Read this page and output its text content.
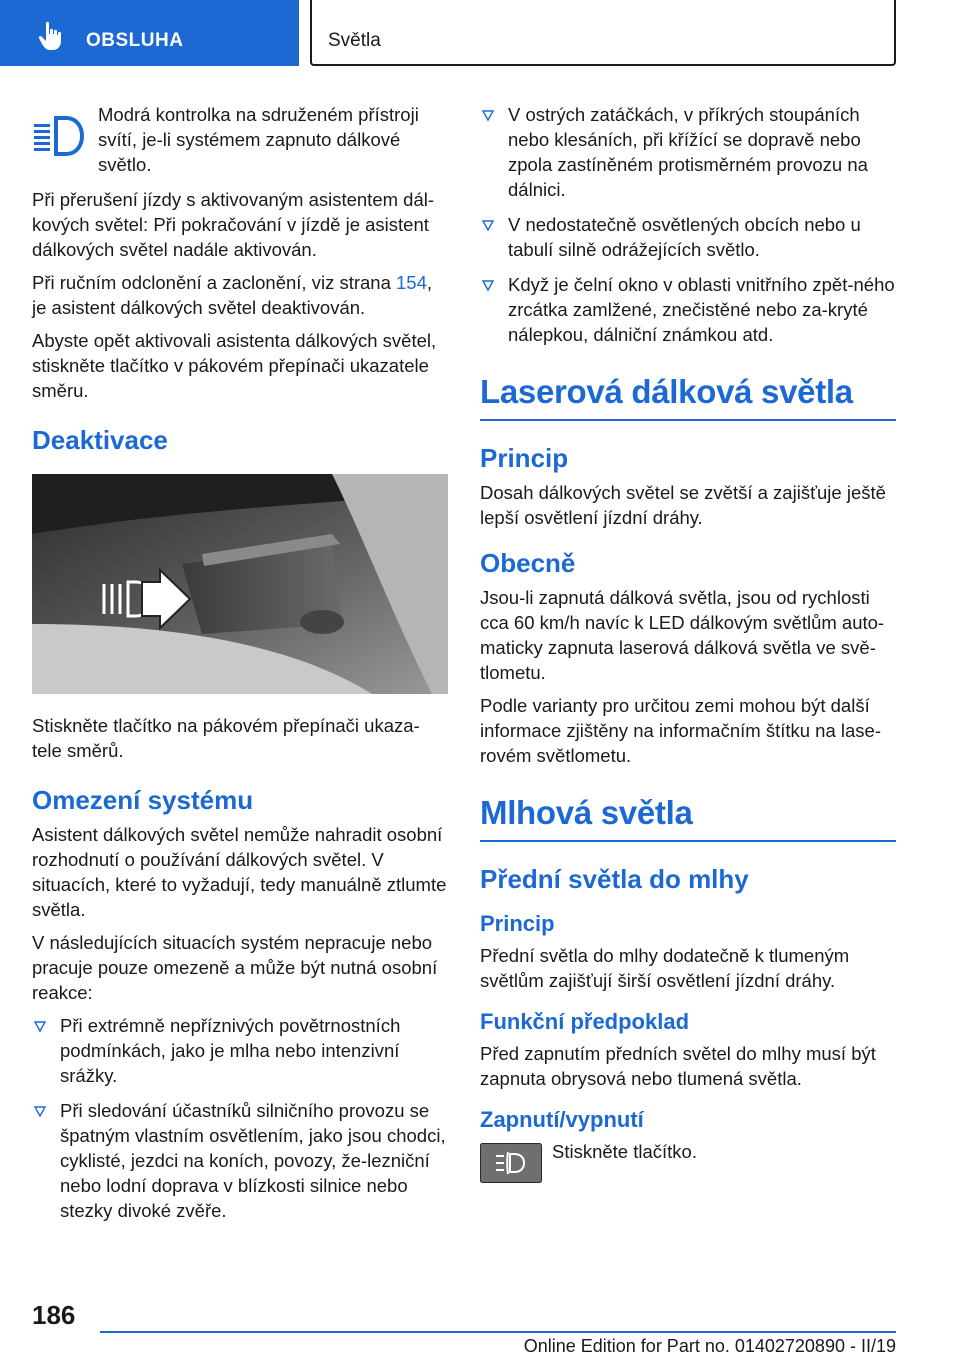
OBSLUHA	Světla

Modrá kontrolka na sdruženém přístroji svítí, je-li systémem zapnuto dálkové světlo.

Při přerušení jízdy s aktivovaným asistentem dál‐kových světel: Při pokračování v jízdě je asistent dálkových světel nadále aktivován.

Při ručním odclonění a zaclonění, viz strana 154, je asistent dálkových světel deaktivován.

Abyste opět aktivovali asistenta dálkových světel, stiskněte tlačítko v pákovém přepínači ukazatele směru.

Deaktivace

Stiskněte tlačítko na pákovém přepínači ukaza‐tele směrů.

Omezení systému

Asistent dálkových světel nemůže nahradit osobní rozhodnutí o používání dálkových světel. V situacích, které to vyžadují, tedy manuálně ztlumte světla.

V následujících situacích systém nepracuje nebo pracuje pouze omezeně a může být nutná osobní reakce:

Při extrémně nepříznivých povětrnostních podmínkách, jako je mlha nebo intenzivní srážky.
Při sledování účastníků silničního provozu se špatným vlastním osvětlením, jako jsou chodci, cyklisté, jezdci na koních, povozy, že‐lezniční nebo lodní doprava v blízkosti silnice nebo stezky divoké zvěře.
V ostrých zatáčkách, v příkrých stoupáních nebo klesáních, při křížící se dopravě nebo zpola zastíněném protisměrném provozu na dálnici.
V nedostatečně osvětlených obcích nebo u tabulí silně odrážejících světlo.
Když je čelní okno v oblasti vnitřního zpět‐ného zrcátka zamlžené, znečistěné nebo za‐kryté nálepkou, dálniční známkou atd.
Laserová dálková světla
Princip

Dosah dálkových světel se zvětší a zajišťuje ještě lepší osvětlení jízdní dráhy.

Obecně

Jsou-li zapnutá dálková světla, jsou od rychlosti cca 60 km/h navíc k LED dálkovým světlům auto‐maticky zapnuta laserová dálková světla ve svě‐tlometu.

Podle varianty pro určitou zemi mohou být další informace zjištěny na informačním štítku na lase‐rovém světlometu.

Mlhová světla
Přední světla do mlhy
Princip

Přední světla do mlhy dodatečně k tlumeným světlům zajišťují širší osvětlení jízdní dráhy.

Funkční předpoklad

Před zapnutím předních světel do mlhy musí být zapnuta obrysová nebo tlumená světla.

Zapnutí/vypnutí

Stiskněte tlačítko.

186
Online Edition for Part no. 01402720890 - II/19
